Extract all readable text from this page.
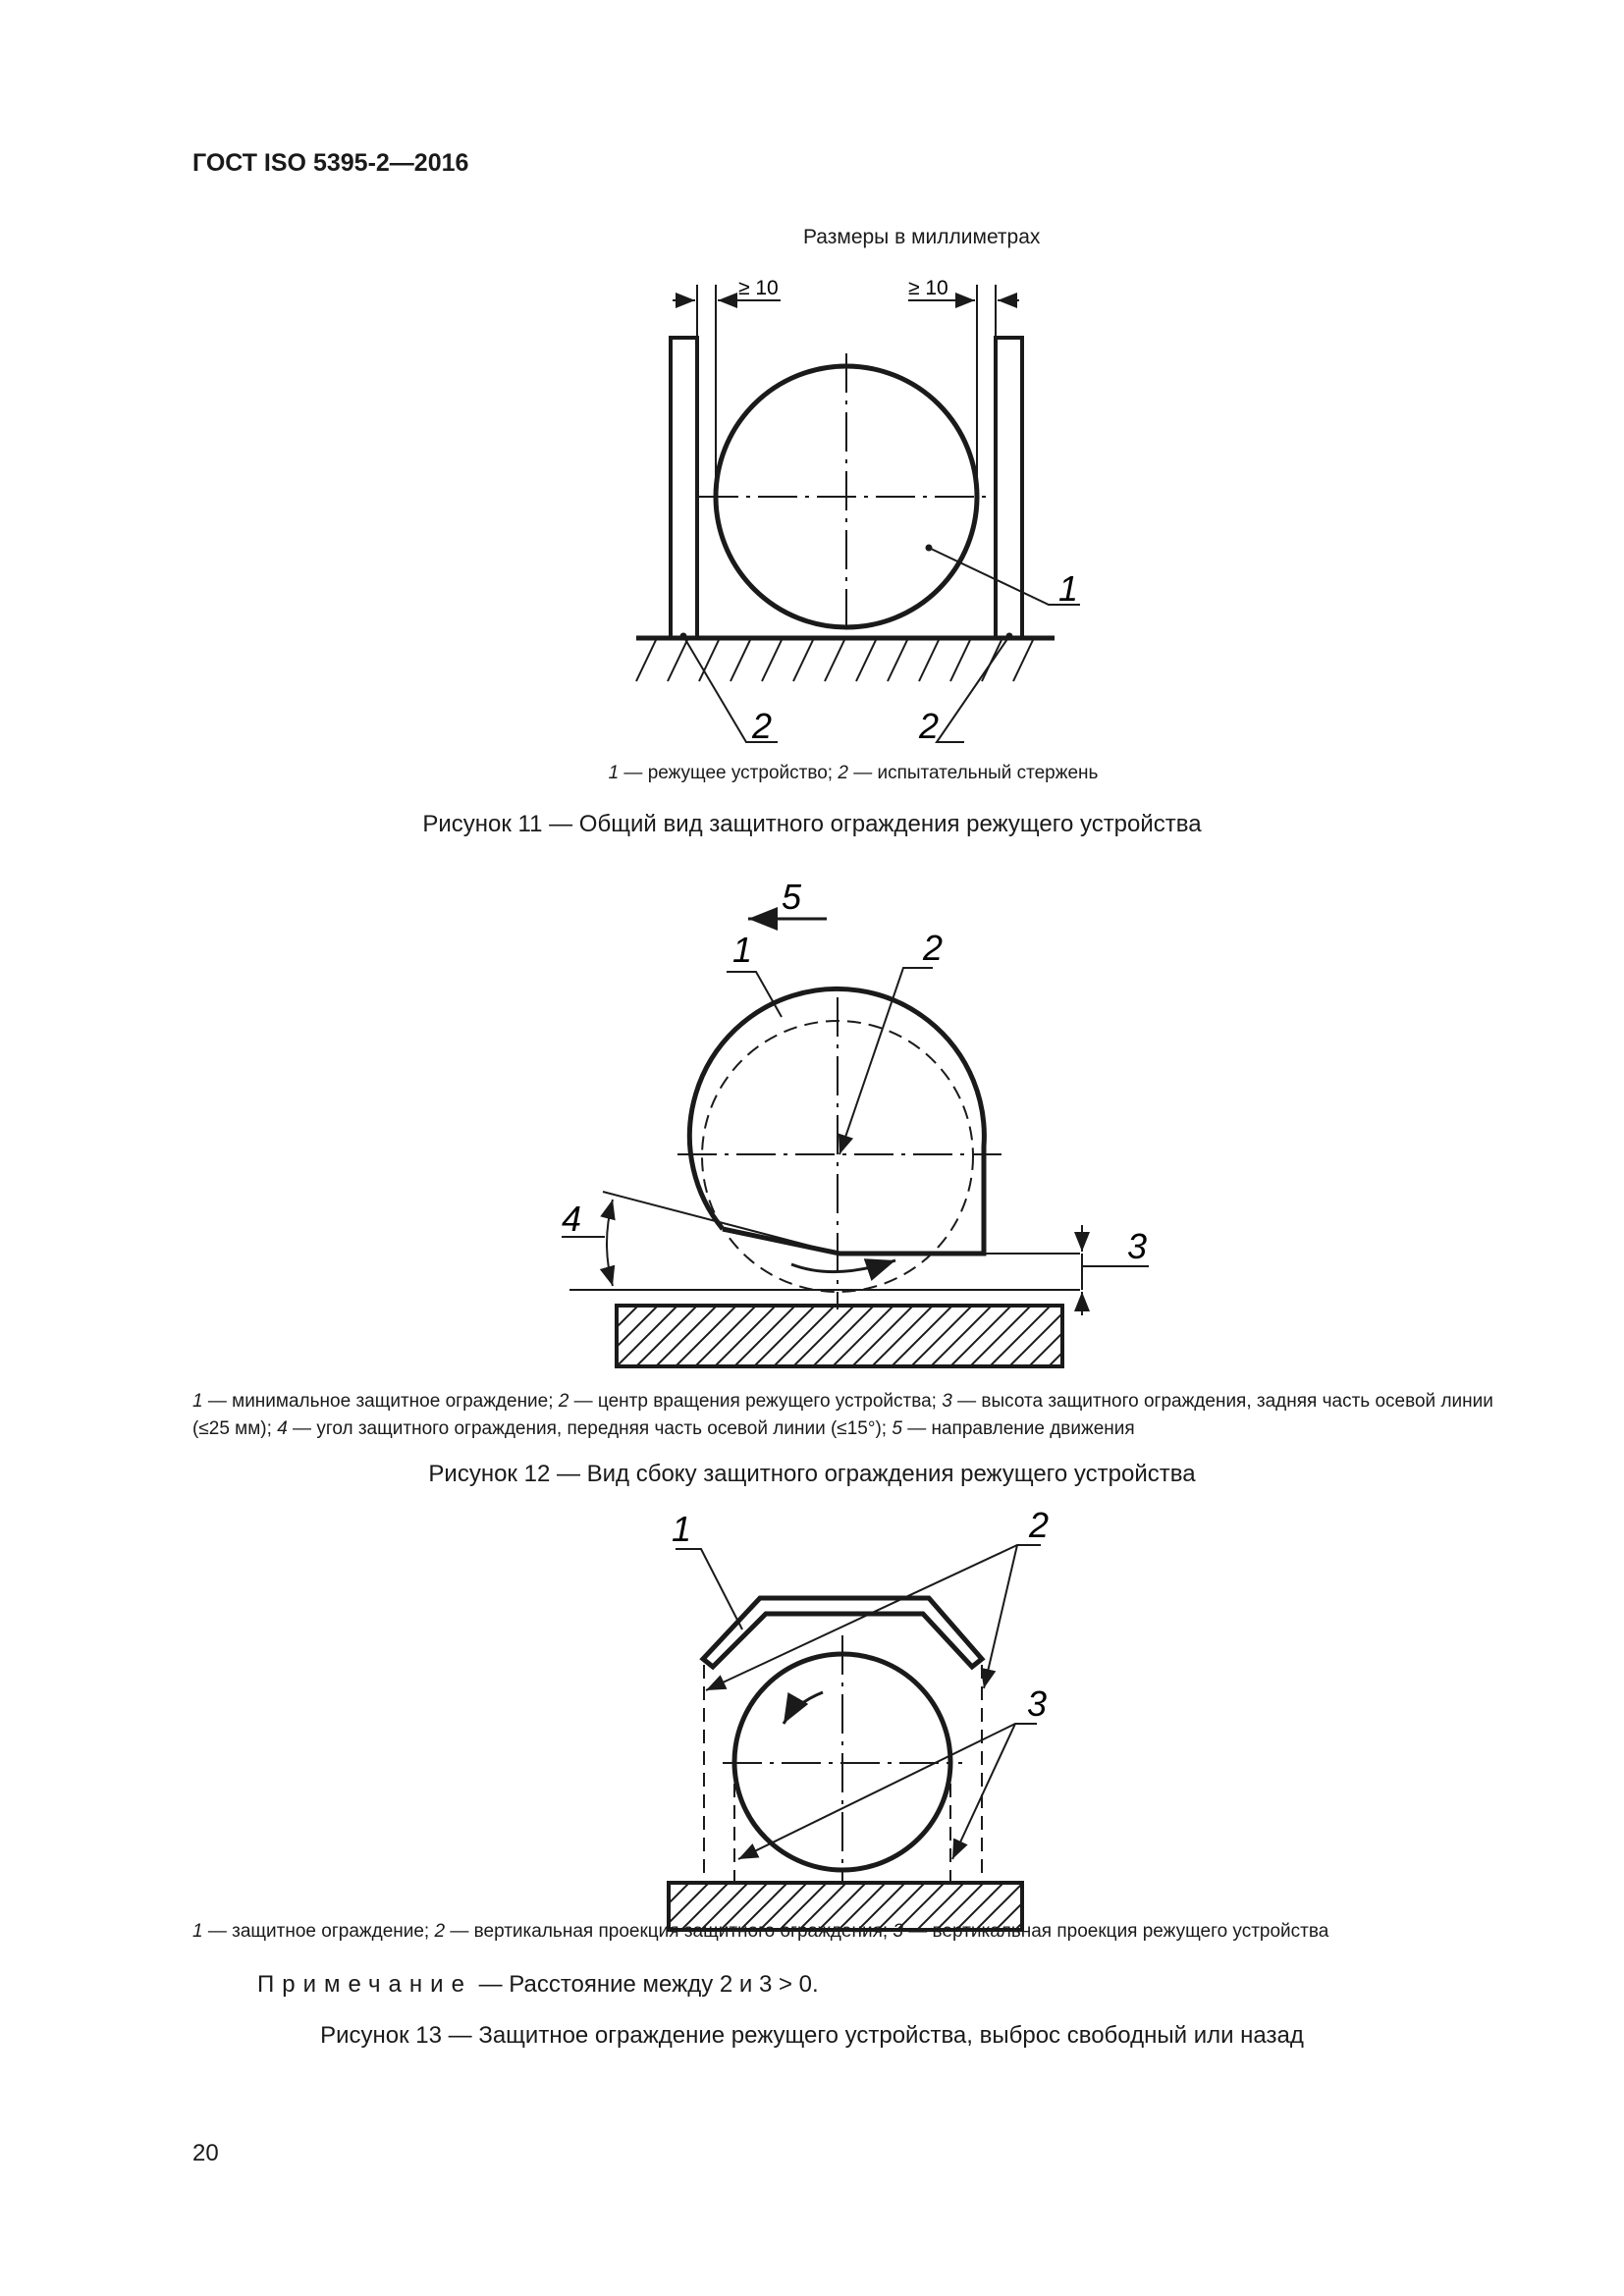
ГОСТ ISO 5395-2—2016
≥ 10	≥ 10
1
2	2
5
1	2
3
4
1	2
3
Размеры в миллиметрах
1 — режущее устройство; 2 — испытательный стержень
Рисунок 11 — Общий вид защитного ограждения режущего устройства
1 — минимальное защитное ограждение; 2 — центр вращения режущего устройства; 3 — высота защитного ограждения, задняя часть осевой линии (≤25 мм); 4 — угол защитного ограждения, передняя часть осевой линии (≤15°); 5 — направление движения
Рисунок 12 — Вид сбоку защитного ограждения режущего устройства
1 — защитное ограждение; 2 — вертикальная проекция защитного ограждения; 3 — вертикальная проекция режущего устройства
Примечание — Расстояние между 2 и 3 > 0.
Рисунок 13 — Защитное ограждение режущего устройства, выброс свободный или назад
20
